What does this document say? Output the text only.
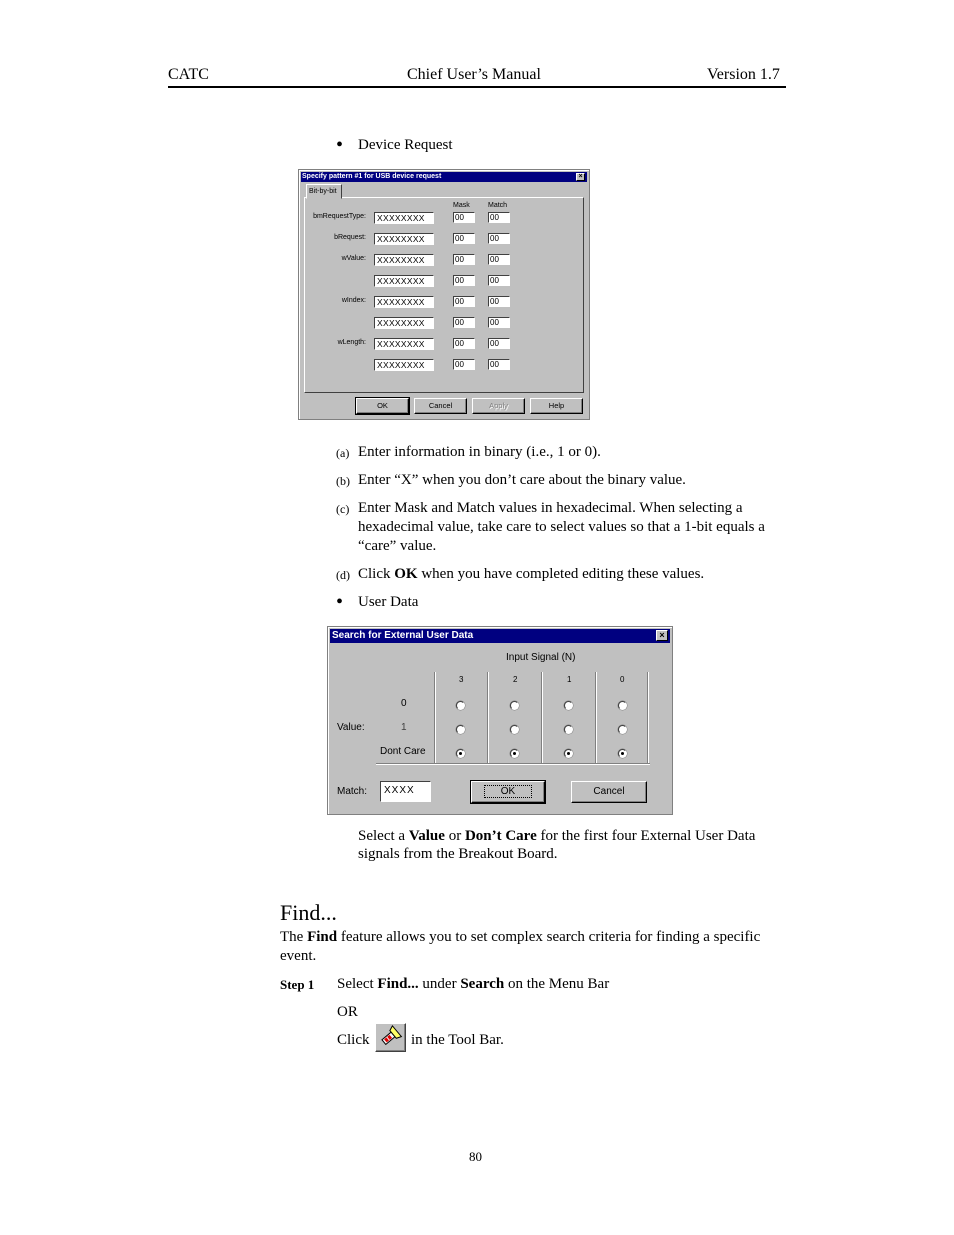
CATC	Chief User’s Manual	Version 1.7
• Device Request
Specify pattern #1 for USB device request	×
Bit-by-bit
Mask	Match
bmRequestType:	XXXXXXXX	00	00
bRequest:	XXXXXXXX	00	00
wValue:	XXXXXXXX	00	00
XXXXXXXX	00	00
wIndex:	XXXXXXXX	00	00
XXXXXXXX	00	00
wLength:	XXXXXXXX	00	00
XXXXXXXX	00	00
OK	Cancel	Apply	Help
(a) Enter information in binary (i.e., 1 or 0).
(b) Enter “X” when you don’t care about the binary value.
(c) Enter Mask and Match values in hexadecimal. When selecting a
hexadecimal value, take care to select values so that a 1-bit equals a
“care” value.
(d) Click OK when you have completed editing these values.
• User Data
Search for External User Data	×
Input Signal (N)
3	2	1	0
Value:
0
1
Dont Care
Match:	XXXX	OK	Cancel
Select a Value or Don’t Care for the first four External User Data
signals from the Breakout Board.
Find...
The Find feature allows you to set complex search criteria for finding a specific
event.
Step 1 Select Find... under Search on the Menu Bar
OR
Click	in the Tool Bar.
80
